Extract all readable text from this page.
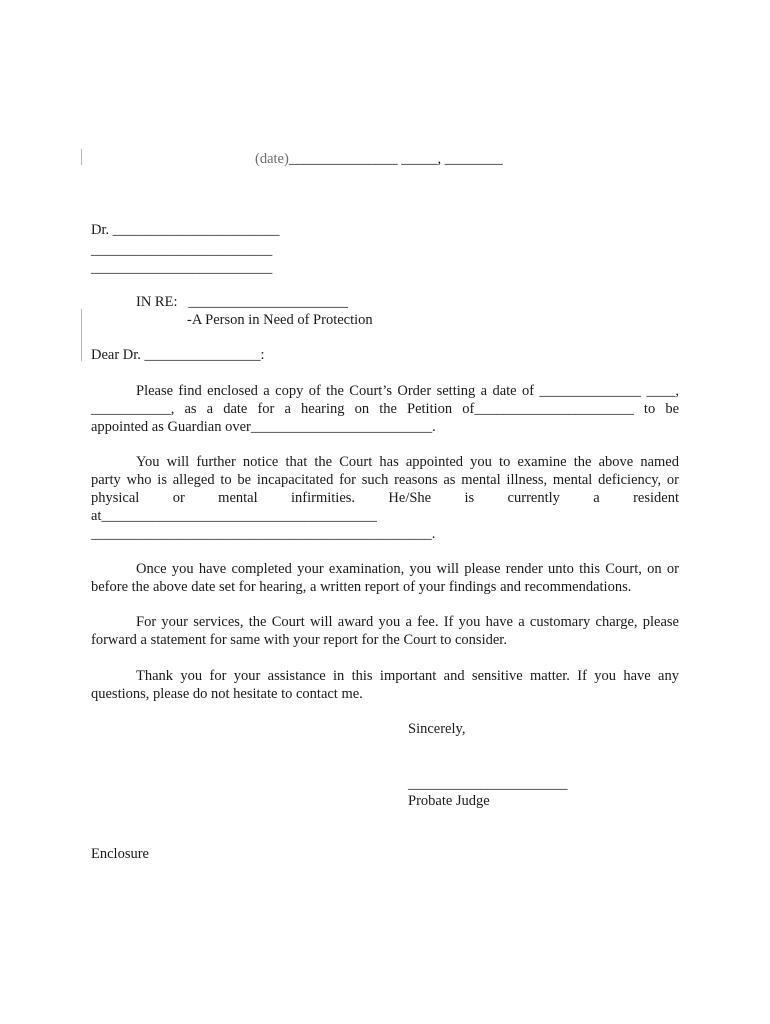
(date)_______________ _____, ________
Dr. _______________________
_________________________
_________________________
IN RE: ______________________
-A Person in Need of Protection
Dear Dr. ________________:
Please find enclosed a copy of the Court’s Order setting a date of ______________ ____,
___________, as a date for a hearing on the Petition of______________________ to be
appointed as Guardian over_________________________.
You will further notice that the Court has appointed you to examine the above named
party who is alleged to be incapacitated for such reasons as mental illness, mental deficiency, or
physical or mental infirmities. He/She is currently a resident
at______________________________________
_______________________________________________.
Once you have completed your examination, you will please render unto this Court, on or
before the above date set for hearing, a written report of your findings and recommendations.
For your services, the Court will award you a fee. If you have a customary charge, please
forward a statement for same with your report for the Court to consider.
Thank you for your assistance in this important and sensitive matter. If you have any
questions, please do not hesitate to contact me.
Sincerely,
______________________
Probate Judge
Enclosure
